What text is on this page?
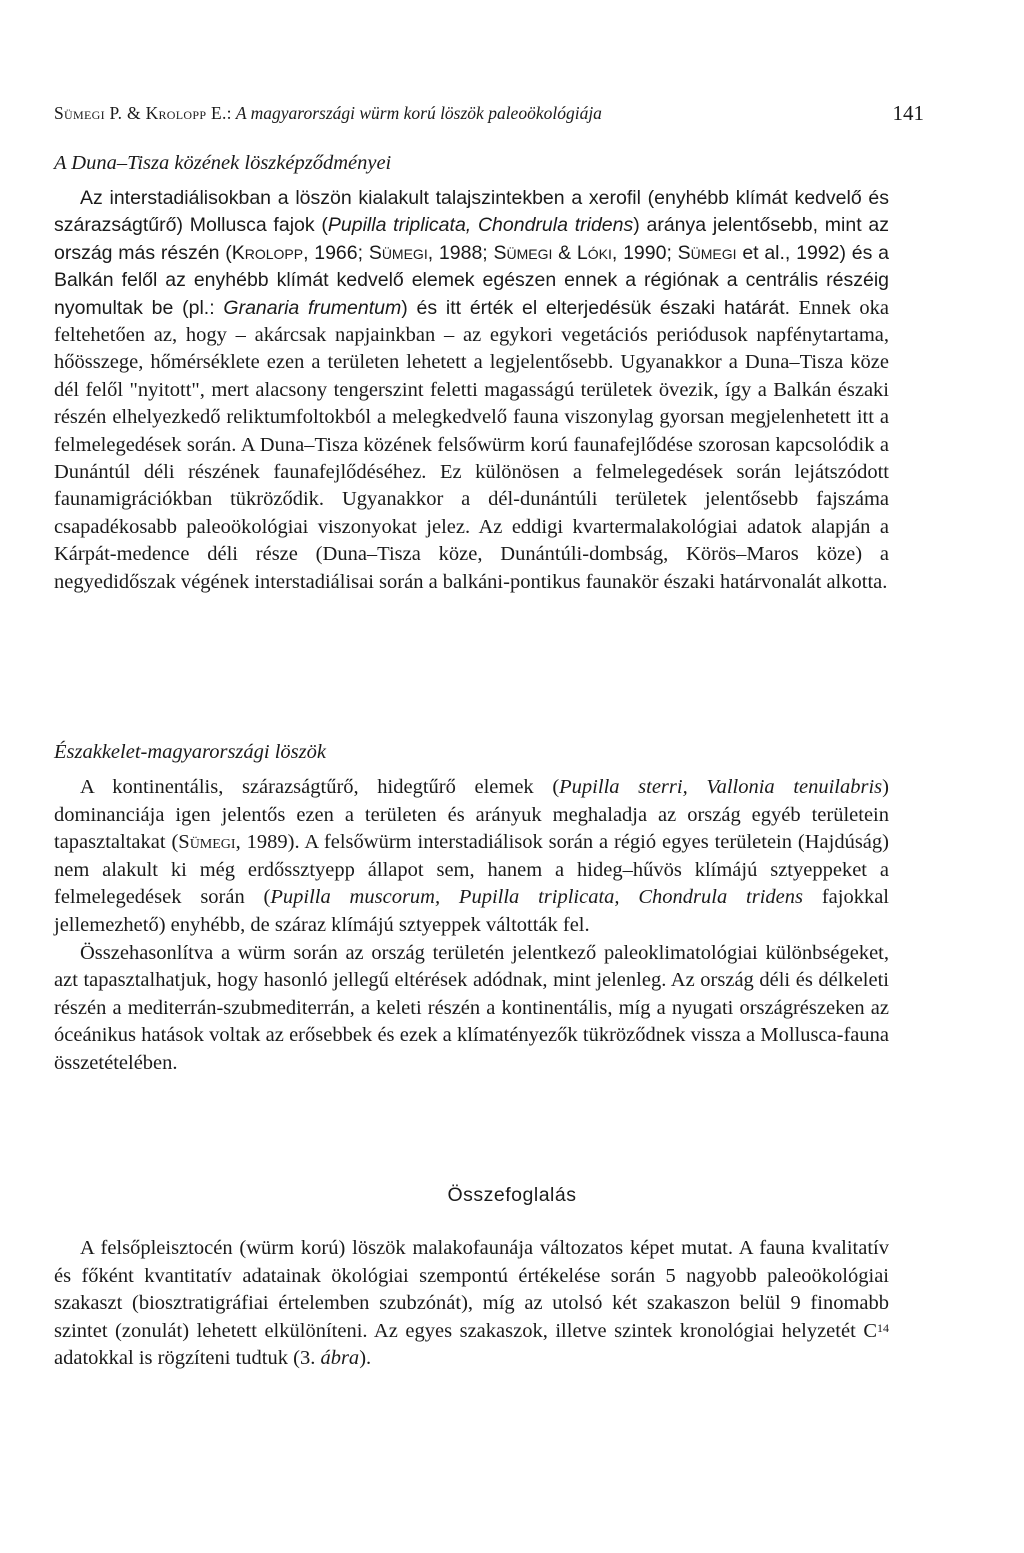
Sümegi P. & Krolopp E.: A magyarországi würm korú löszök paleoökológiája	141

A Duna–Tisza közének löszképződményei

Az interstadiálisokban a löszön kialakult talajszintekben a xerofil (enyhébb klímát kedvelő és szárazságtűrő) Mollusca fajok (Pupilla triplicata, Chondrula tridens) aránya jelentősebb, mint az ország más részén (Krolopp, 1966; Sümegi, 1988; Sümegi & Lóki, 1990; Sümegi et al., 1992) és a Balkán felől az enyhébb klímát kedvelő elemek egészen ennek a régiónak a centrális részéig nyomultak be (pl.: Granaria frumentum) és itt érték el elterjedésük északi határát. Ennek oka feltehetően az, hogy – akárcsak napjainkban – az egykori vegetációs periódusok napfénytartama, hőösszege, hőmérséklete ezen a területen lehetett a legjelentősebb. Ugyanakkor a Duna–Tisza köze dél felől "nyitott", mert alacsony tengerszint feletti magasságú területek övezik, így a Balkán északi részén elhelyezkedő reliktumfoltokból a melegkedvelő fauna viszonylag gyorsan megjelenhetett itt a felmelegedések során. A Duna–Tisza közének felsőwürm korú faunafejlődése szorosan kapcsolódik a Dunántúl déli részének faunafejlődéséhez. Ez különösen a felmelegedések során lejátszódott faunamigrációkban tükröződik. Ugyanakkor a dél-dunántúli területek jelentősebb fajszáma csapadékosabb paleoökológiai viszonyokat jelez. Az eddigi kvartermalakológiai adatok alapján a Kárpát-medence déli része (Duna–Tisza köze, Dunántúli-dombság, Körös–Maros köze) a negyedidőszak végének interstadiálisai során a balkáni-pontikus faunakör északi határvonalát alkotta.

Északkelet-magyarországi löszök

A kontinentális, szárazságtűrő, hidegtűrő elemek (Pupilla sterri, Vallonia tenuilabris) dominanciája igen jelentős ezen a területen és arányuk meghaladja az ország egyéb területein tapasztaltakat (Sümegi, 1989). A felsőwürm interstadiálisok során a régió egyes területein (Hajdúság) nem alakult ki még erdőssztyepp állapot sem, hanem a hideg–hűvös klímájú sztyeppeket a felmelegedések során (Pupilla muscorum, Pupilla triplicata, Chondrula tridens fajokkal jellemezhető) enyhébb, de száraz klímájú sztyeppek váltották fel.

Összehasonlítva a würm során az ország területén jelentkező paleoklimatológiai különbségeket, azt tapasztalhatjuk, hogy hasonló jellegű eltérések adódnak, mint jelenleg. Az ország déli és délkeleti részén a mediterrán-szubmediterrán, a keleti részén a kontinentális, míg a nyugati országrészeken az óceánikus hatások voltak az erősebbek és ezek a klímatényezők tükröződnek vissza a Mollusca-fauna összetételében.

Összefoglalás

A felsőpleisztocén (würm korú) löszök malakofaunája változatos képet mutat. A fauna kvalitatív és főként kvantitatív adatainak ökológiai szempontú értékelése során 5 nagyobb paleoökológiai szakaszt (biosztratigráfiai értelemben szubzónát), míg az utolsó két szakaszon belül 9 finomabb szintet (zonulát) lehetett elkülöníteni. Az egyes szakaszok, illetve szintek kronológiai helyzetét $C^{14}$ adatokkal is rögzíteni tudtuk (3. ábra).
